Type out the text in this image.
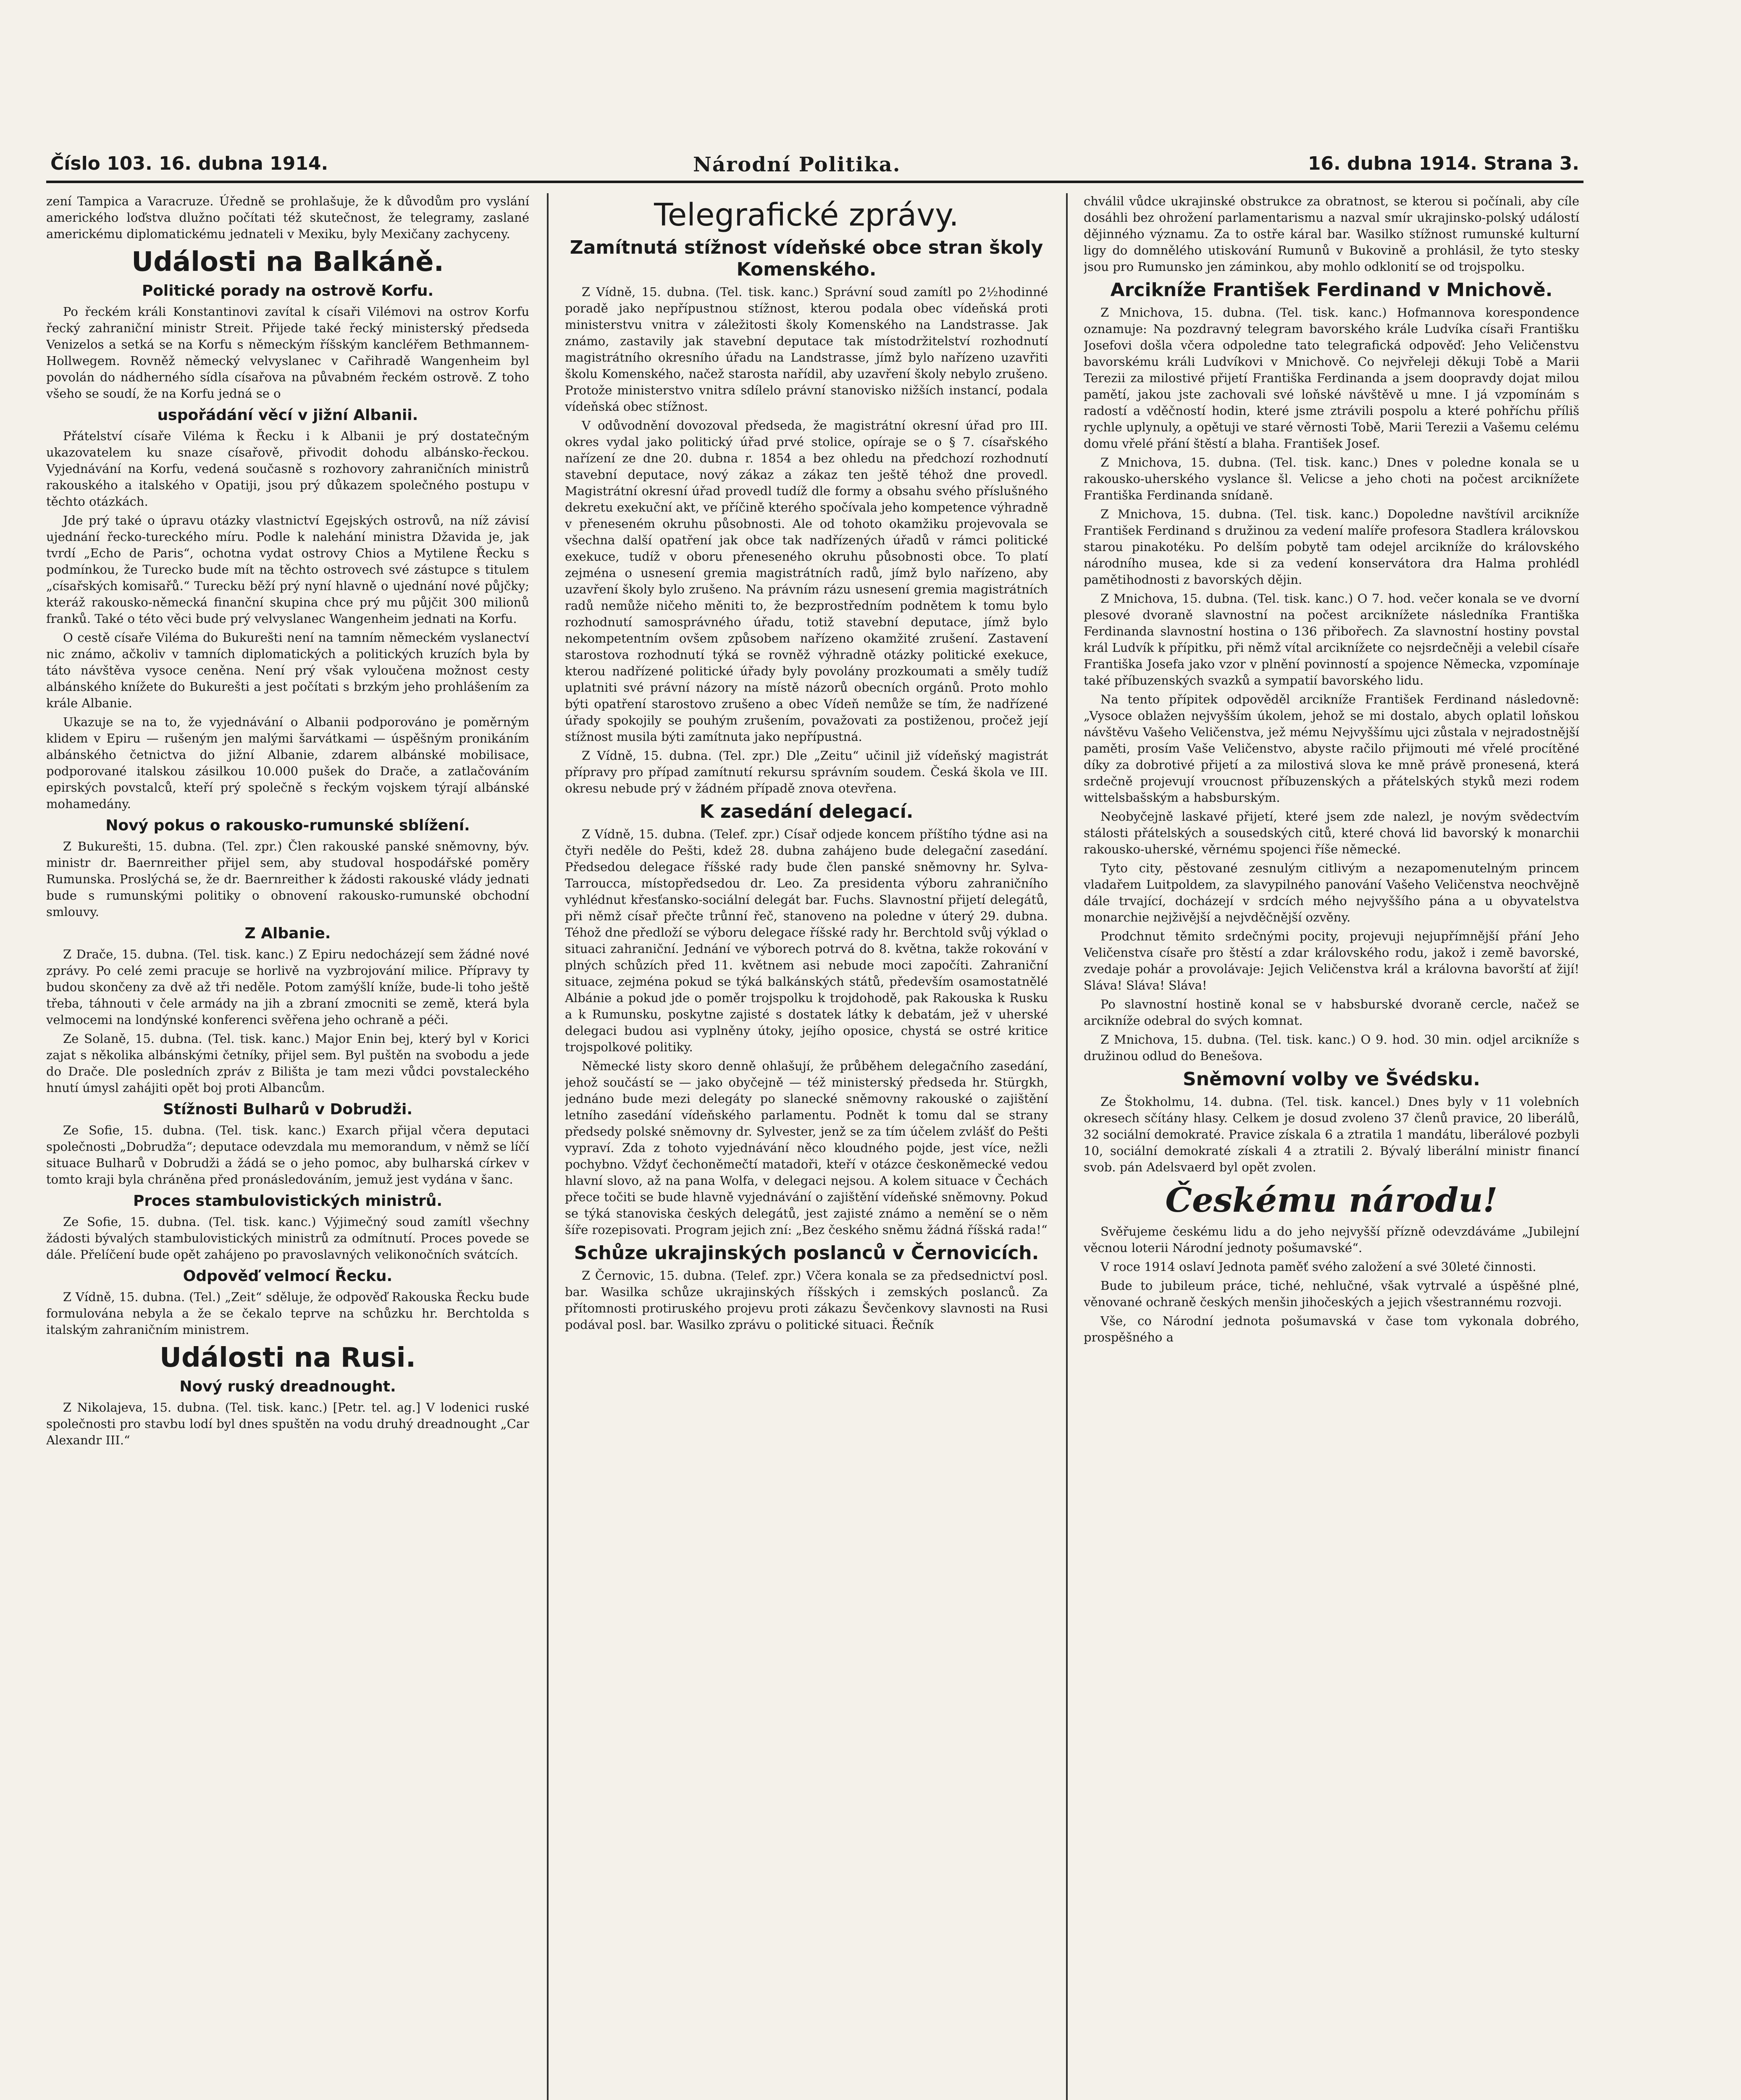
Číslo 103. 16. dubna 1914.	Národní Politika.	16. dubna 1914. Strana 3.

zení Tampica a Varacruze. Úředně se prohlašuje, že k důvodům pro vyslání amerického loďstva dlužno počítati též skutečnost, že telegramy, zaslané americkému diplomatickému jednateli v Mexiku, byly Mexičany zachyceny.

Události na Balkáně.
Politické porady na ostrově Korfu.

Po řeckém králi Konstantinovi zavítal k císaři Vilémovi na ostrov Korfu řecký zahraniční ministr Streit. Přijede také řecký ministerský předseda Venizelos a setká se na Korfu s německým říšským kancléřem Bethmannem-Hollwegem. Rovněž německý velvyslanec v Cařihradě Wangenheim byl povolán do nádherného sídla císařova na půvabném řeckém ostrově. Z toho všeho se soudí, že na Korfu jedná se o

uspořádání věcí v jižní Albanii.

Přátelství císaře Viléma k Řecku i k Albanii je prý dostatečným ukazovatelem ku snaze císařově, přivodit dohodu albánsko-řeckou. Vyjednávání na Korfu, vedená současně s rozhovory zahraničních ministrů rakouského a italského v Opatiji, jsou prý důkazem společného postupu v těchto otázkách.

Jde prý také o úpravu otázky vlastnictví Egejských ostrovů, na níž závisí ujednání řecko-tureckého míru. Podle k nalehání ministra Džavida je, jak tvrdí „Echo de Paris“, ochotna vydat ostrovy Chios a Mytilene Řecku s podmínkou, že Turecko bude mít na těchto ostrovech své zástupce s titulem „císařských komisařů.“ Turecku běží prý nyní hlavně o ujednání nové půjčky; kteráž rakousko-německá finanční skupina chce prý mu půjčit 300 milionů franků. Také o této věci bude prý velvyslanec Wangenheim jednati na Korfu.

O cestě císaře Viléma do Bukurešti není na tamním německém vyslanectví nic známo, ačkoliv v tamních diplomatických a politických kruzích byla by táto návštěva vysoce ceněna. Není prý však vyloučena možnost cesty albánského knížete do Bukurešti a jest počítati s brzkým jeho prohlášením za krále Albanie.

Ukazuje se na to, že vyjednávání o Albanii podporováno je poměrným klidem v Epiru — rušeným jen malými šarvátkami — úspěšným pronikáním albánského četnictva do jižní Albanie, zdarem albánské mobilisace, podporované italskou zásilkou 10.000 pušek do Drače, a zatlačováním epirských povstalců, kteří prý společně s řeckým vojskem týrají albánské mohamedány.

Nový pokus o rakousko-rumunské sblížení.

Z Bukurešti, 15. dubna. (Tel. zpr.) Člen rakouské panské sněmovny, býv. ministr dr. Baernreither přijel sem, aby studoval hospodářské poměry Rumunska. Proslýchá se, že dr. Baernreither k žádosti rakouské vlády jednati bude s rumunskými politiky o obnovení rakousko-rumunské obchodní smlouvy.

Z Albanie.

Z Drače, 15. dubna. (Tel. tisk. kanc.) Z Epiru nedocházejí sem žádné nové zprávy. Po celé zemi pracuje se horlivě na vyzbrojování milice. Přípravy ty budou skončeny za dvě až tři neděle. Potom zamýšlí kníže, bude-li toho ještě třeba, táhnouti v čele armády na jih a zbraní zmocniti se země, která byla velmocemi na londýnské konferenci svěřena jeho ochraně a péči.

Ze Solaně, 15. dubna. (Tel. tisk. kanc.) Major Enin bej, který byl v Korici zajat s několika albánskými četníky, přijel sem. Byl puštěn na svobodu a jede do Drače. Dle posledních zpráv z Bilišta je tam mezi vůdci povstaleckého hnutí úmysl zahájiti opět boj proti Albancům.

Stížnosti Bulharů v Dobrudži.

Ze Sofie, 15. dubna. (Tel. tisk. kanc.) Exarch přijal včera deputaci společnosti „Dobrudža“; deputace odevzdala mu memorandum, v němž se líčí situace Bulharů v Dobrudži a žádá se o jeho pomoc, aby bulharská církev v tomto kraji byla chráněna před pronásledováním, jemuž jest vydána v šanc.

Proces stambulovistických ministrů.

Ze Sofie, 15. dubna. (Tel. tisk. kanc.) Výjimečný soud zamítl všechny žádosti bývalých stambulovistických ministrů za odmítnutí. Proces povede se dále. Přelíčení bude opět zahájeno po pravoslavných velikonočních svátcích.

Odpověď velmocí Řecku.

Z Vídně, 15. dubna. (Tel.) „Zeit“ sděluje, že odpověď Rakouska Řecku bude formulována nebyla a že se čekalo teprve na schůzku hr. Berchtolda s italským zahraničním ministrem.

Události na Rusi.
Nový ruský dreadnought.

Z Nikolajeva, 15. dubna. (Tel. tisk. kanc.) [Petr. tel. ag.] V lodenici ruské společnosti pro stavbu lodí byl dnes spuštěn na vodu druhý dreadnought „Car Alexandr III.“

Telegrafické zprávy.
Zamítnutá stížnost vídeňské obce stran školy Komenského.

Z Vídně, 15. dubna. (Tel. tisk. kanc.) Správní soud zamítl po 2½hodinné poradě jako nepřípustnou stížnost, kterou podala obec vídeňská proti ministerstvu vnitra v záležitosti školy Komenského na Landstrasse. Jak známo, zastavily jak stavební deputace tak místodržitelství rozhodnutí magistrátního okresního úřadu na Landstrasse, jímž bylo nařízeno uzavřiti školu Komenského, načež starosta nařídil, aby uzavření školy nebylo zrušeno. Protože ministerstvo vnitra sdílelo právní stanovisko nižších instancí, podala vídeňská obec stížnost.

V odůvodnění dovozoval předseda, že magistrátní okresní úřad pro III. okres vydal jako politický úřad prvé stolice, opíraje se o § 7. císařského nařízení ze dne 20. dubna r. 1854 a bez ohledu na předchozí rozhodnutí stavební deputace, nový zákaz a zákaz ten ještě téhož dne provedl. Magistrátní okresní úřad provedl tudíž dle formy a obsahu svého příslušného dekretu exekuční akt, ve příčině kterého spočívala jeho kompetence výhradně v přeneseném okruhu působnosti. Ale od tohoto okamžiku projevovala se všechna další opatření jak obce tak nadřízených úřadů v rámci politické exekuce, tudíž v oboru přeneseného okruhu působnosti obce. To platí zejména o usnesení gremia magistrátních radů, jímž bylo nařízeno, aby uzavření školy bylo zrušeno. Na právním rázu usnesení gremia magistrátních radů nemůže ničeho měniti to, že bezprostředním podnětem k tomu bylo rozhodnutí samosprávného úřadu, totiž stavební deputace, jímž bylo nekompetentním ovšem způsobem nařízeno okamžité zrušení. Zastavení starostova rozhodnutí týká se rovněž výhradně otázky politické exekuce, kterou nadřízené politické úřady byly povolány prozkoumati a směly tudíž uplatniti své právní názory na místě názorů obecních orgánů. Proto mohlo býti opatření starostovo zrušeno a obec Vídeň nemůže se tím, že nadřízené úřady spokojily se pouhým zrušením, považovati za postiženou, pročež její stížnost musila býti zamítnuta jako nepřípustná.

Z Vídně, 15. dubna. (Tel. zpr.) Dle „Zeitu“ učinil již vídeňský magistrát přípravy pro případ zamítnutí rekursu správním soudem. Česká škola ve III. okresu nebude prý v žádném případě znova otevřena.

K zasedání delegací.

Z Vídně, 15. dubna. (Telef. zpr.) Císař odjede koncem příštího týdne asi na čtyři neděle do Pešti, kdež 28. dubna zahájeno bude delegační zasedání. Předsedou delegace říšské rady bude člen panské sněmovny hr. Sylva-Tarroucca, místopředsedou dr. Leo. Za presidenta výboru zahraničního vyhlédnut křesťansko-sociální delegát bar. Fuchs. Slavnostní přijetí delegátů, při němž císař přečte trůnní řeč, stanoveno na poledne v úterý 29. dubna. Téhož dne předloží se výboru delegace říšské rady hr. Berchtold svůj výklad o situaci zahraniční. Jednání ve výborech potrvá do 8. května, takže rokování v plných schůzích před 11. květnem asi nebude moci započíti. Zahraniční situace, zejména pokud se týká balkánských států, především osamostatnělé Albánie a pokud jde o poměr trojspolku k trojdohodě, pak Rakouska k Rusku a k Rumunsku, poskytne zajisté s dostatek látky k debatám, jež v uherské delegaci budou asi vyplněny útoky, jejího oposice, chystá se ostré kritice trojspolkové politiky.

Německé listy skoro denně ohlašují, že průběhem delegačního zasedání, jehož součástí se — jako obyčejně — též ministerský předseda hr. Stürgkh, jednáno bude mezi delegáty po slanecké sněmovny rakouské o zajištění letního zasedání vídeňského parlamentu. Podnět k tomu dal se strany předsedy polské sněmovny dr. Sylvester, jenž se za tím účelem zvlášť do Pešti vypraví. Zda z tohoto vyjednávání něco kloudného pojde, jest více, nežli pochybno. Vždyť čechoněmečtí matadoři, kteří v otázce českoněmecké vedou hlavní slovo, až na pana Wolfa, v delegaci nejsou. A kolem situace v Čechách přece točiti se bude hlavně vyjednávání o zajištění vídeňské sněmovny. Pokud se týká stanoviska českých delegátů, jest zajisté známo a nemění se o něm šíře rozepisovati. Program jejich zní: „Bez českého sněmu žádná říšská rada!“

Schůze ukrajinských poslanců v Černovicích.

Z Černovic, 15. dubna. (Telef. zpr.) Včera konala se za předsednictví posl. bar. Wasilka schůze ukrajinských říšských i zemských poslanců. Za přítomnosti protiruského projevu proti zákazu Ševčenkovy slavnosti na Rusi podával posl. bar. Wasilko zprávu o politické situaci. Řečník

chválil vůdce ukrajinské obstrukce za obratnost, se kterou si počínali, aby cíle dosáhli bez ohrožení parlamentarismu a nazval smír ukrajinsko-polský událostí dějinného významu. Za to ostře káral bar. Wasilko stížnost rumunské kulturní ligy do domnělého utiskování Rumunů v Bukovině a prohlásil, že tyto stesky jsou pro Rumunsko jen záminkou, aby mohlo odklonití se od trojspolku.

Arcikníže František Ferdinand v Mnichově.

Z Mnichova, 15. dubna. (Tel. tisk. kanc.) Hofmannova korespondence oznamuje: Na pozdravný telegram bavorského krále Ludvíka císaři Františku Josefovi došla včera odpoledne tato telegrafická odpověď: Jeho Veličenstvu bavorskému králi Ludvíkovi v Mnichově. Co nejvřeleji děkuji Tobě a Marii Terezii za milostivé přijetí Františka Ferdinanda a jsem doopravdy dojat milou pamětí, jakou jste zachovali své loňské návštěvě u mne. I já vzpomínám s radostí a vděčností hodin, které jsme ztrávili pospolu a které pohříchu příliš rychle uplynuly, a opětuji ve staré věrnosti Tobě, Marii Terezii a Vašemu celému domu vřelé přání štěstí a blaha. František Josef.

Z Mnichova, 15. dubna. (Tel. tisk. kanc.) Dnes v poledne konala se u rakousko-uherského vyslance šl. Velicse a jeho choti na počest arciknížete Františka Ferdinanda snídaně.

Z Mnichova, 15. dubna. (Tel. tisk. kanc.) Dopoledne navštívil arcikníže František Ferdinand s družinou za vedení malíře profesora Stadlera královskou starou pinakotéku. Po delším pobytě tam odejel arcikníže do královského národního musea, kde si za vedení konservátora dra Halma prohlédl pamětihodnosti z bavorských dějin.

Z Mnichova, 15. dubna. (Tel. tisk. kanc.) O 7. hod. večer konala se ve dvorní plesové dvoraně slavnostní na počest arciknížete následníka Františka Ferdinanda slavnostní hostina o 136 přibořech. Za slavnostní hostiny povstal král Ludvík k přípitku, při němž vítal arciknížete co nejsrdečněji a velebil císaře Františka Josefa jako vzor v plnění povinností a spojence Německa, vzpomínaje také příbuzenských svazků a sympatií bavorského lidu.

Na tento přípitek odpověděl arcikníže František Ferdinand následovně: „Vysoce oblažen nejvyšším úkolem, jehož se mi dostalo, abych oplatil loňskou návštěvu Vašeho Veličenstva, jež mému Nejvyššímu ujci zůstala v nejradostnější paměti, prosím Vaše Veličenstvo, abyste račilo přijmouti mé vřelé procítěné díky za dobrotivé přijetí a za milostivá slova ke mně právě pronesená, která srdečně projevují vroucnost příbuzenských a přátelských styků mezi rodem wittelsbašským a habsburským.

Neobyčejně laskavé přijetí, které jsem zde nalezl, je novým svědectvím stálosti přátelských a sousedských citů, které chová lid bavorský k monarchii rakousko-uherské, věrnému spojenci říše německé.

Tyto city, pěstované zesnulým citlivým a nezapomenutelným princem vladařem Luitpoldem, za slavypilného panování Vašeho Veličenstva neochvějně dále trvající, docházejí v srdcích mého nejvyššího pána a u obyvatelstva monarchie nejživější a nejvděčnější ozvěny.

Prodchnut těmito srdečnými pocity, projevuji nejupřímnější přání Jeho Veličenstva císaře pro štěstí a zdar královského rodu, jakož i země bavorské, zvedaje pohár a provolávaje: Jejich Veličenstva král a královna bavorští ať žijí! Sláva! Sláva! Sláva!

Po slavnostní hostině konal se v habsburské dvoraně cercle, načež se arcikníže odebral do svých komnat.

Z Mnichova, 15. dubna. (Tel. tisk. kanc.) O 9. hod. 30 min. odjel arcikníže s družinou odlud do Benešova.

Sněmovní volby ve Švédsku.

Ze Štokholmu, 14. dubna. (Tel. tisk. kancel.) Dnes byly v 11 volebních okresech sčítány hlasy. Celkem je dosud zvoleno 37 členů pravice, 20 liberálů, 32 sociální demokraté. Pravice získala 6 a ztratila 1 mandátu, liberálové pozbyli 10, sociální demokraté získali 4 a ztratili 2. Bývalý liberální ministr financí svob. pán Adelsvaerd byl opět zvolen.

Českému národu!

Svěřujeme českému lidu a do jeho nejvyšší přízně odevzdáváme „Jubilejní věcnou loterii Národní jednoty pošumavské“.

V roce 1914 oslaví Jednota paměť svého založení a své 30leté činnosti.

Bude to jubileum práce, tiché, nehlučné, však vytrvalé a úspěšné plné, věnované ochraně českých menšin jihočeských a jejich všestrannému rozvoji.

Vše, co Národní jednota pošumavská v čase tom vykonala dobrého, prospěšného a
